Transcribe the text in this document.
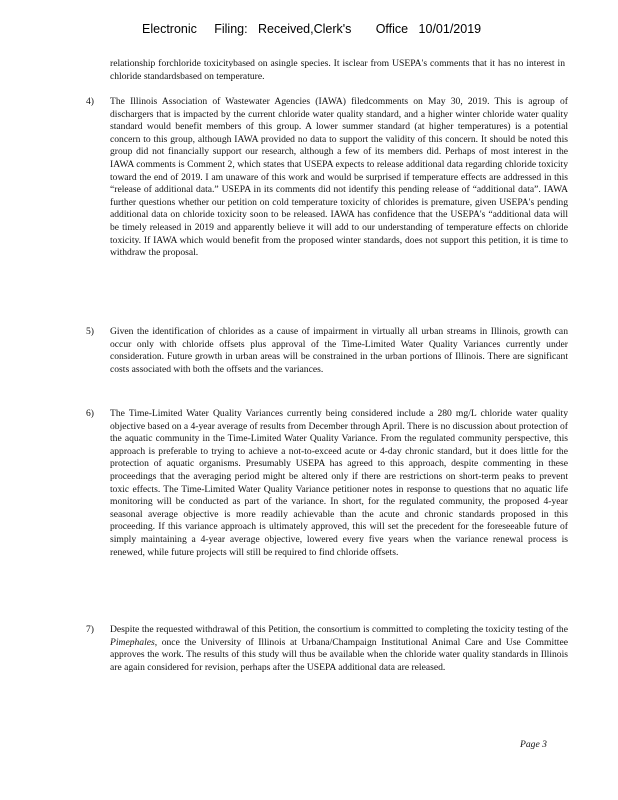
Electronic     Filing:   Received,Clerk's       Office   10/01/2019

relationship forchloride toxicitybased on asingle species. It isclear from USEPA's comments that it has no interest in chloride standardsbased on temperature.

4) The Illinois Association of Wastewater Agencies (IAWA) filedcomments on May 30, 2019. This is agroup of dischargers that is impacted by the current chloride water quality standard, and a higher winter chloride water quality standard would benefit members of this group. A lower summer standard (at higher temperatures) is a potential concern to this group, although IAWA provided no data to support the validity of this concern. It should be noted this group did not financially support our research, although a few of its members did. Perhaps of most interest in the IAWA comments is Comment 2, which states that USEPA expects to release additional data regarding chloride toxicity toward the end of 2019. I am unaware of this work and would be surprised if temperature effects are addressed in this “release of additional data.” USEPA in its comments did not identify this pending release of “additional data”. IAWA further questions whether our petition on cold temperature toxicity of chlorides is premature, given USEPA's pending additional data on chloride toxicity soon to be released. IAWA has confidence that the USEPA's “additional data will be timely released in 2019 and apparently believe it will add to our understanding of temperature effects on chloride toxicity. If IAWA which would benefit from the proposed winter standards, does not support this petition, it is time to withdraw the proposal.

5) Given the identification of chlorides as a cause of impairment in virtually all urban streams in Illinois, growth can occur only with chloride offsets plus approval of the Time-Limited Water Quality Variances currently under consideration. Future growth in urban areas will be constrained in the urban portions of Illinois. There are significant costs associated with both the offsets and the variances.

6) The Time-Limited Water Quality Variances currently being considered include a 280 mg/L chloride water quality objective based on a 4-year average of results from December through April. There is no discussion about protection of the aquatic community in the Time-Limited Water Quality Variance. From the regulated community perspective, this approach is preferable to trying to achieve a not-to-exceed acute or 4-day chronic standard, but it does little for the protection of aquatic organisms. Presumably USEPA has agreed to this approach, despite commenting in these proceedings that the averaging period might be altered only if there are restrictions on short-term peaks to prevent toxic effects. The Time-Limited Water Quality Variance petitioner notes in response to questions that no aquatic life monitoring will be conducted as part of the variance. In short, for the regulated community, the proposed 4-year seasonal average objective is more readily achievable than the acute and chronic standards proposed in this proceeding. If this variance approach is ultimately approved, this will set the precedent for the foreseeable future of simply maintaining a 4-year average objective, lowered every five years when the variance renewal process is renewed, while future projects will still be required to find chloride offsets.

7) Despite the requested withdrawal of this Petition, the consortium is committed to completing the toxicity testing of the Pimephales, once the University of Illinois at Urbana/Champaign Institutional Animal Care and Use Committee approves the work. The results of this study will thus be available when the chloride water quality standards in Illinois are again considered for revision, perhaps after the USEPA additional data are released.

Page 3
